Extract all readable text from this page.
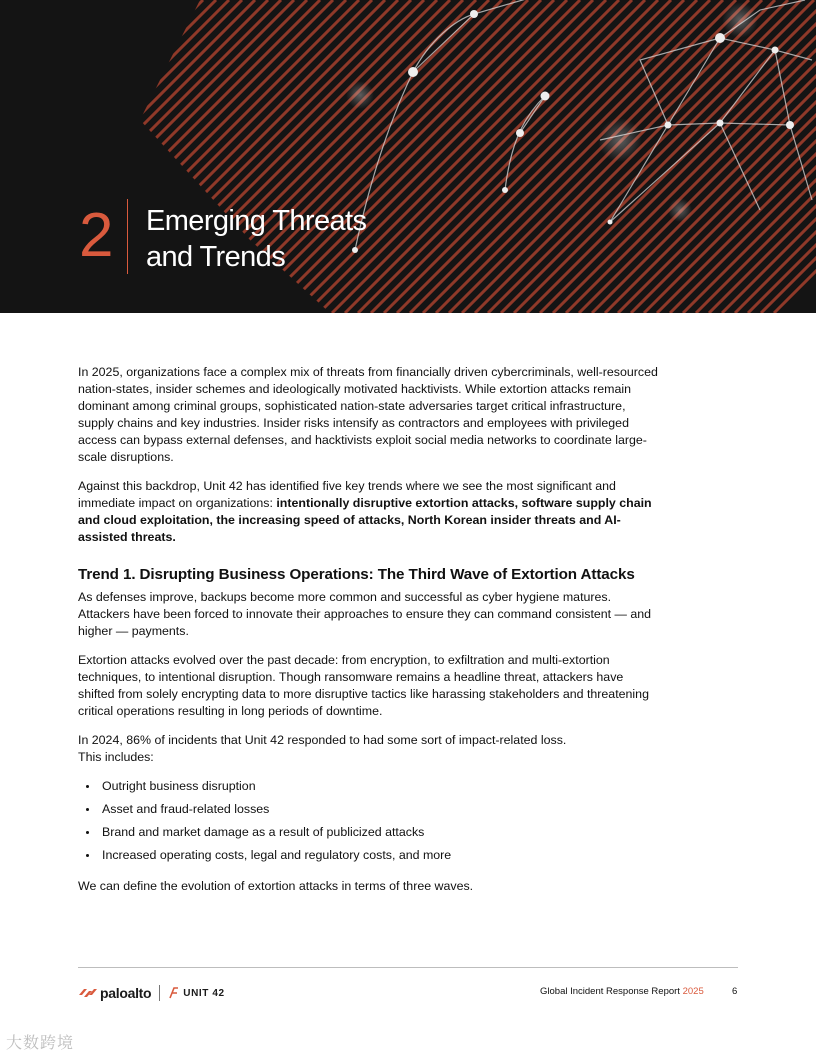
2 Emerging Threats
and Trends

In 2025, organizations face a complex mix of threats from financially driven cybercriminals, well-resourced nation-states, insider schemes and ideologically motivated hacktivists. While extortion attacks remain dominant among criminal groups, sophisticated nation-state adversaries target critical infrastructure, supply chains and key industries. Insider risks intensify as contractors and employees with privileged access can bypass external defenses, and hacktivists exploit social media networks to coordinate large-scale disruptions.

Against this backdrop, Unit 42 has identified five key trends where we see the most significant and immediate impact on organizations: intentionally disruptive extortion attacks, software supply chain and cloud exploitation, the increasing speed of attacks, North Korean insider threats and AI-assisted threats.

Trend 1. Disrupting Business Operations: The Third Wave of Extortion Attacks

As defenses improve, backups become more common and successful as cyber hygiene matures. Attackers have been forced to innovate their approaches to ensure they can command consistent — and higher — payments.

Extortion attacks evolved over the past decade: from encryption, to exfiltration and multi-extortion techniques, to intentional disruption. Though ransomware remains a headline threat, attackers have shifted from solely encrypting data to more disruptive tactics like harassing stakeholders and threatening critical operations resulting in long periods of downtime.

In 2024, 86% of incidents that Unit 42 responded to had some sort of impact-related loss.
This includes:

Outright business disruption
Asset and fraud-related losses
Brand and market damage as a result of publicized attacks
Increased operating costs, legal and regulatory costs, and more

We can define the evolution of extortion attacks in terms of three waves.

paloalto	UNIT 42	Global Incident Response Report 2025	6
大数跨境
